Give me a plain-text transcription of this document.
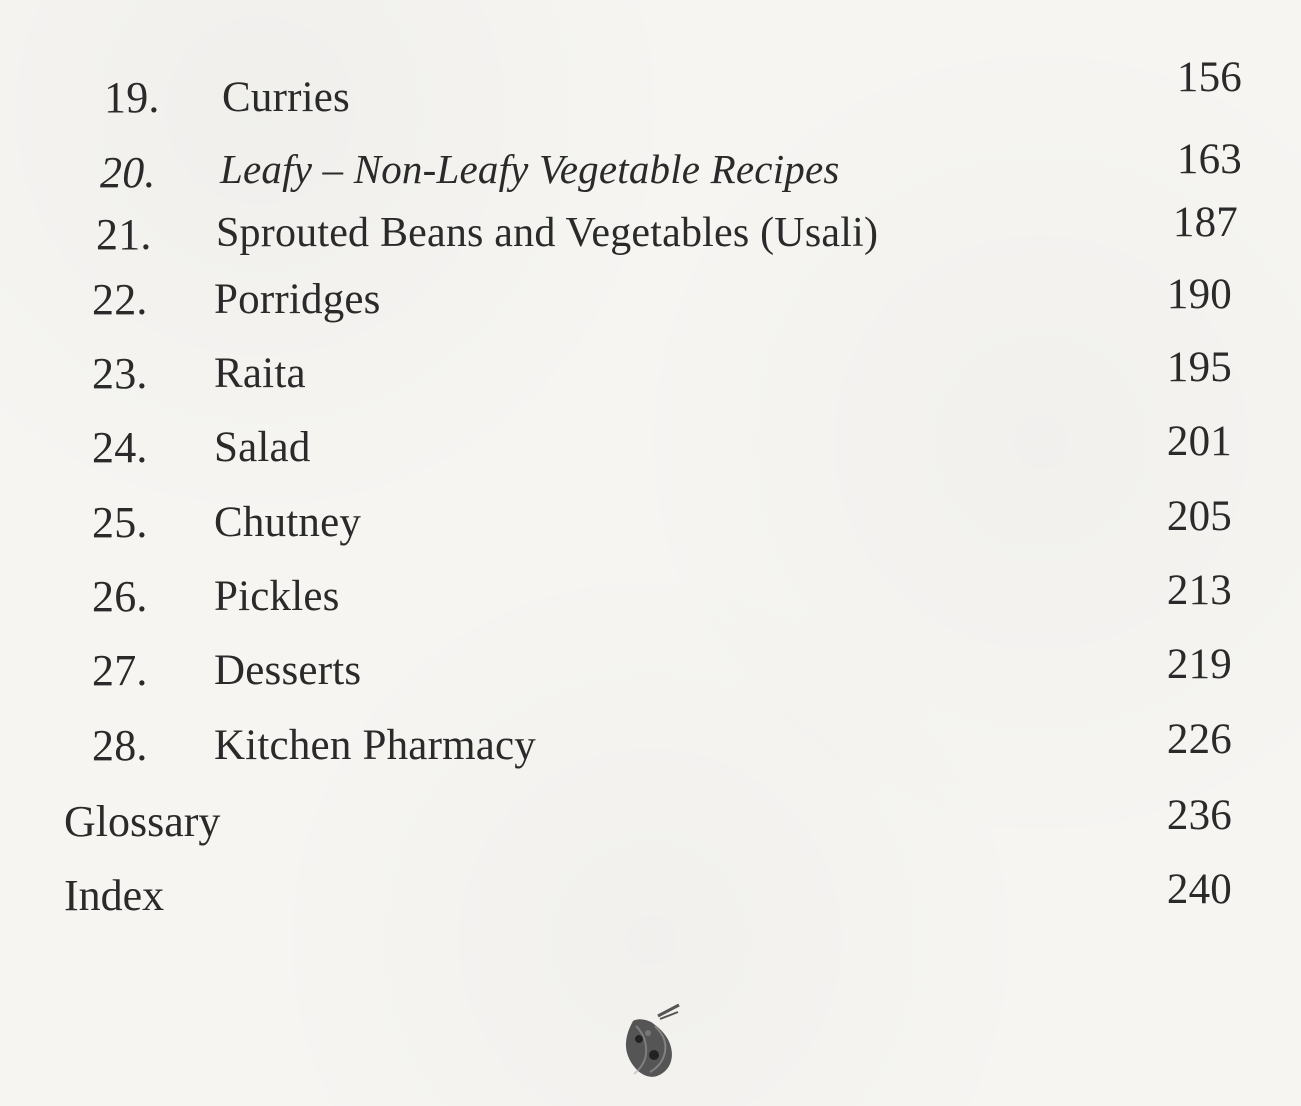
19.	Curries	156
20.	Leafy – Non-Leafy Vegetable Recipes	163
21.	Sprouted Beans and Vegetables (Usali)	187
22.	Porridges	190
23.	Raita	195
24.	Salad	201
25.	Chutney	205
26.	Pickles	213
27.	Desserts	219
28.	Kitchen Pharmacy	226
Glossary	236
Index	240
